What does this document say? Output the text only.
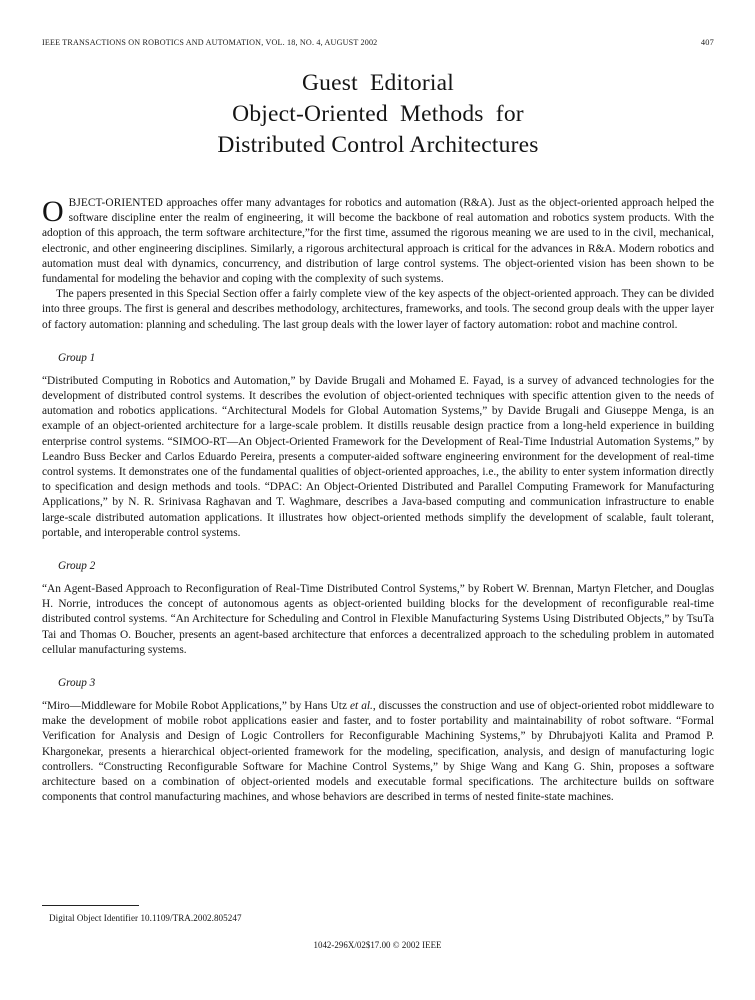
IEEE TRANSACTIONS ON ROBOTICS AND AUTOMATION, VOL. 18, NO. 4, AUGUST 2002	407
Guest  Editorial
Object-Oriented  Methods  for
Distributed Control Architectures

OBJECT-ORIENTED approaches offer many advantages for robotics and automation (R&A). Just as the object-oriented approach helped the software discipline enter the realm of engineering, it will become the backbone of real automation and robotics system products. With the adoption of this approach, the term software architecture,”for the first time, assumed the rigorous meaning we are used to in the civil, mechanical, electronic, and other engineering disciplines. Similarly, a rigorous architectural approach is critical for the advances in R&A. Modern robotics and automation must deal with dynamics, concurrency, and distribution of large control systems. The object-oriented vision has been shown to be fundamental for modeling the behavior and coping with the complexity of such systems.

The papers presented in this Special Section offer a fairly complete view of the key aspects of the object-oriented approach. They can be divided into three groups. The first is general and describes methodology, architectures, frameworks, and tools. The second group deals with the upper layer of factory automation: planning and scheduling. The last group deals with the lower layer of factory automation: robot and machine control.

Group 1

“Distributed Computing in Robotics and Automation,” by Davide Brugali and Mohamed E. Fayad, is a survey of advanced technologies for the development of distributed control systems. It describes the evolution of object-oriented techniques with specific attention given to the needs of automation and robotics applications. “Architectural Models for Global Automation Systems,” by Davide Brugali and Giuseppe Menga, is an example of an object-oriented architecture for a large-scale problem. It distills reusable design practice from a long-held experience in building enterprise control systems. “SIMOO-RT—An Object-Oriented Framework for the Development of Real-Time Industrial Automation Systems,” by Leandro Buss Becker and Carlos Eduardo Pereira, presents a computer-aided software engineering environment for the development of real-time control systems. It demonstrates one of the fundamental qualities of object-oriented approaches, i.e., the ability to enter system information directly to specification and design methods and tools. “DPAC: An Object-Oriented Distributed and Parallel Computing Framework for Manufacturing Applications,” by N. R. Srinivasa Raghavan and T. Waghmare, describes a Java-based computing and communication infrastructure to enable large-scale distributed automation applications. It illustrates how object-oriented methods simplify the development of scalable, fault tolerant, portable, and interoperable control systems.

Group 2

“An Agent-Based Approach to Reconfiguration of Real-Time Distributed Control Systems,” by Robert W. Brennan, Martyn Fletcher, and Douglas H. Norrie, introduces the concept of autonomous agents as object-oriented building blocks for the development of reconfigurable real-time distributed control systems. “An Architecture for Scheduling and Control in Flexible Manufacturing Systems Using Distributed Objects,” by TsuTa Tai and Thomas O. Boucher, presents an agent-based architecture that enforces a decentralized approach to the scheduling problem in automated cellular manufacturing systems.

Group 3

“Miro—Middleware for Mobile Robot Applications,” by Hans Utz et al., discusses the construction and use of object-oriented robot middleware to make the development of mobile robot applications easier and faster, and to foster portability and maintainability of robot software. “Formal Verification for Analysis and Design of Logic Controllers for Reconfigurable Machining Systems,” by Dhrubajyoti Kalita and Pramod P. Khargonekar, presents a hierarchical object-oriented framework for the modeling, specification, analysis, and design of manufacturing logic controllers. “Constructing Reconfigurable Software for Machine Control Systems,” by Shige Wang and Kang G. Shin, proposes a software architecture based on a combination of object-oriented models and executable formal specifications. The architecture builds on software components that control manufacturing machines, and whose behaviors are described in terms of nested finite-state machines.

Digital Object Identifier 10.1109/TRA.2002.805247
1042-296X/02$17.00 © 2002 IEEE
